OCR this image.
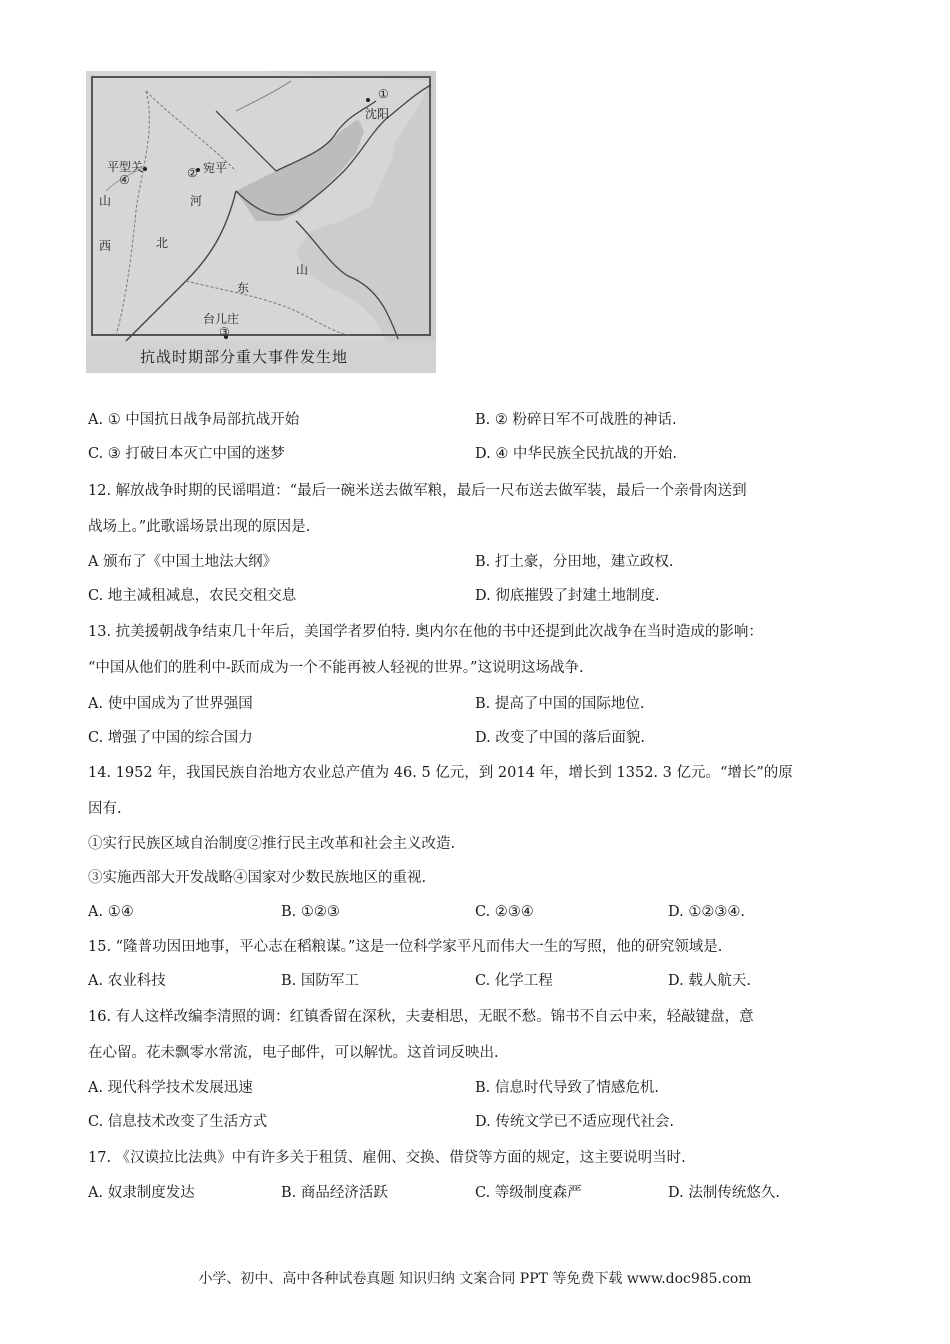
①
沈阳
平型关
④	② 宛平
河
山
西	北
山
东
台儿庄
③
抗战时期部分重大事件发生地
A. ① 中国抗日战争局部抗战开始	B. ② 粉碎日军不可战胜的神话.
C. ③ 打破日本灭亡中国的迷梦	D. ④ 中华民族全民抗战的开始.
12. 解放战争时期的民谣唱道：“最后一碗米送去做军粮，最后一尺布送去做军装，最后一个亲骨肉送到
战场上。”此歌谣场景出现的原因是.
A 颁布了《中国土地法大纲》	B. 打土豪，分田地，建立政权.
C. 地主减租减息，农民交租交息	D. 彻底摧毁了封建土地制度.
13. 抗美援朝战争结束几十年后，美国学者罗伯特. 奥内尔在他的书中还提到此次战争在当时造成的影响：
“中国从他们的胜利中-跃而成为一个不能再被人轻视的世界。”这说明这场战争.
A. 使中国成为了世界强国	B. 提高了中国的国际地位.
C. 增强了中国的综合国力	D. 改变了中国的落后面貌.
14. 1952 年，我国民族自治地方农业总产值为 46. 5 亿元，到 2014 年，增长到 1352. 3 亿元。“增长”的原
因有.
①实行民族区域自治制度②推行民主改革和社会主义改造.
③实施西部大开发战略④国家对少数民族地区的重视.
A. ①④	B. ①②③	C. ②③④	D. ①②③④.
15. “隆普功因田地事，平心志在稻粮谋。”这是一位科学家平凡而伟大一生的写照，他的研究领域是.
A. 农业科技	B. 国防军工	C. 化学工程	D. 载人航天.
16. 有人这样改编李清照的调：红镇香留在深秋，夫妻相思，无眠不愁。锦书不自云中来，轻敲键盘，意
在心留。花未飘零水常流，电子邮件，可以解忧。这首词反映出.
A. 现代科学技术发展迅速	B. 信息时代导致了情感危机.
C. 信息技术改变了生活方式	D. 传统文学已不适应现代社会.
17. 《汉谟拉比法典》中有许多关于租赁、雇佣、交换、借贷等方面的规定，这主要说明当时.
A. 奴隶制度发达	B. 商品经济活跃	C. 等级制度森严	D. 法制传统悠久.
小学、初中、高中各种试卷真题 知识归纳 文案合同 PPT 等免费下载 www.doc985.com
